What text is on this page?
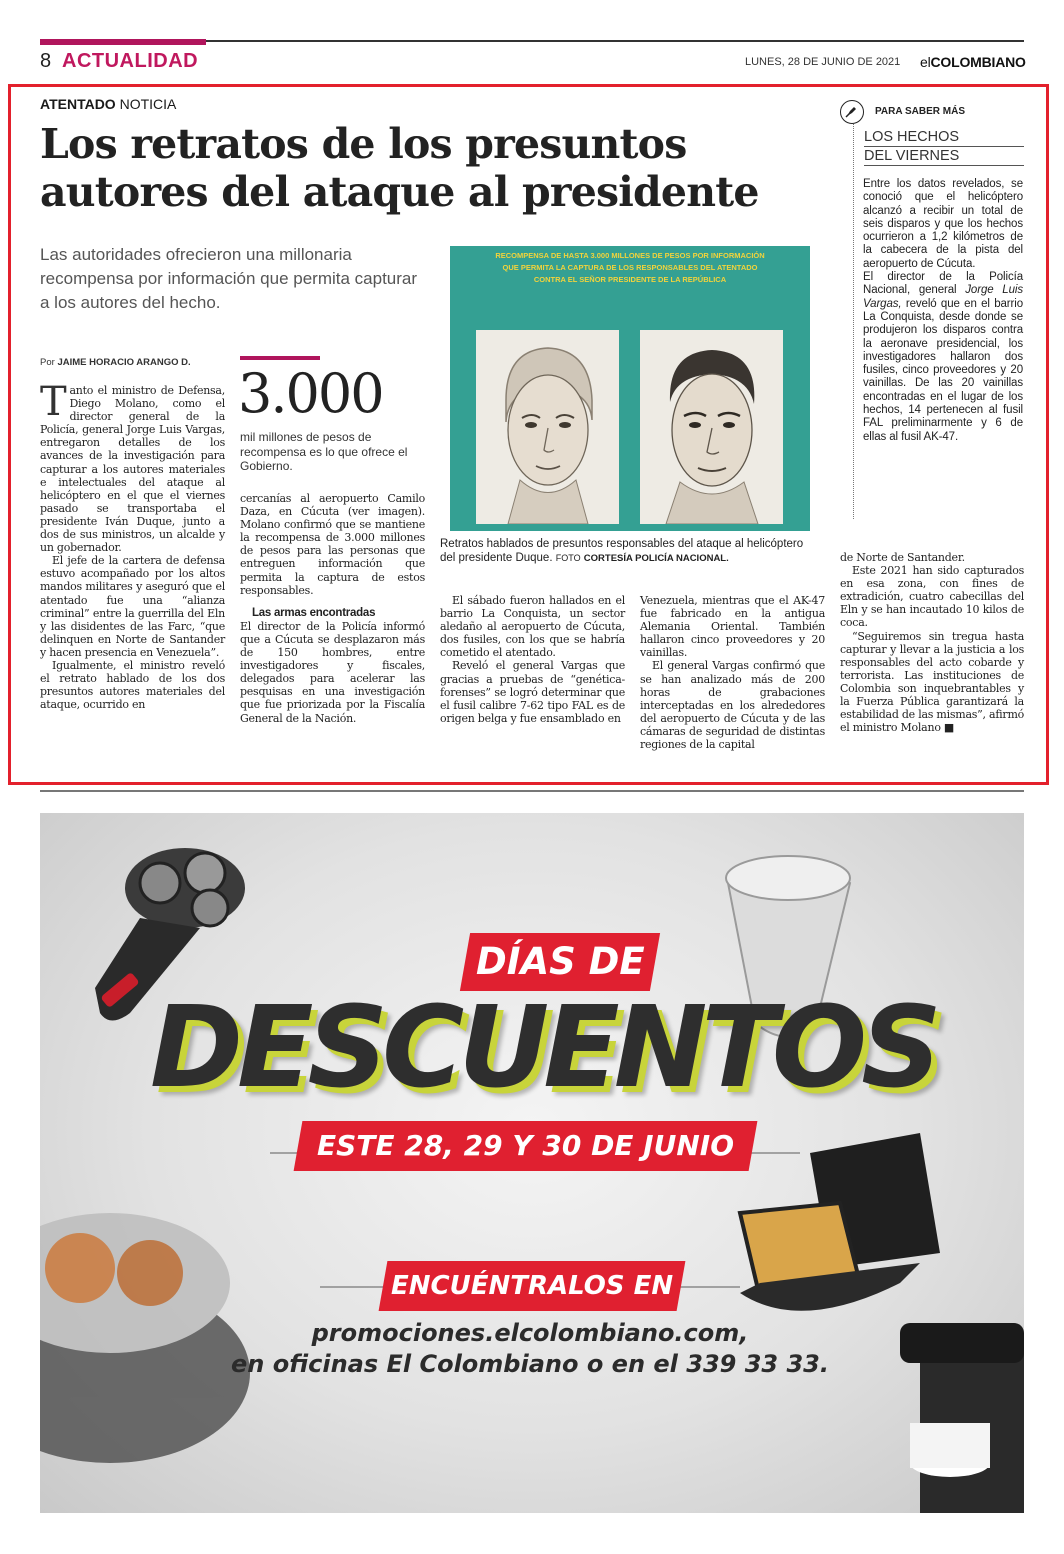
8 ACTUALIDAD	LUNES, 28 DE JUNIO DE 2021 elCOLOMBIANO
ATENTADO NOTICIA
Los retratos de los presuntos autores del ataque al presidente
Las autoridades ofrecieron una millonaria recompensa por información que permita capturar a los autores del hecho.
RECOMPENSA DE HASTA 3.000 MILLONES DE PESOS POR INFORMACIÓN QUE PERMITA LA CAPTURA DE LOS RESPONSABLES DEL ATENTADO CONTRA EL SEÑOR PRESIDENTE DE LA REPÚBLICA
Retratos hablados de presuntos responsables del ataque al helicóptero del presidente Duque. FOTO CORTESÍA POLICÍA NACIONAL.
Por JAIME HORACIO ARANGO D.

Tanto el ministro de Defensa, Diego Molano, como el director general de la Policía, general Jorge Luis Vargas, entregaron detalles de los avances de la investigación para capturar a los autores materiales e intelectuales del ataque al helicóptero en el que el viernes pasado se transportaba el presidente Iván Duque, junto a dos de sus ministros, un alcalde y un gobernador.

El jefe de la cartera de defensa estuvo acompañado por los altos mandos militares y aseguró que el atentado fue una “alianza criminal” entre la guerrilla del Eln y las disidentes de las Farc, “que delinquen en Norte de Santander y hacen presencia en Venezuela”.

Igualmente, el ministro reveló el retrato hablado de los dos presuntos autores materiales del ataque, ocurrido en

3.000
mil millones de pesos de recompensa es lo que ofrece el Gobierno.

cercanías al aeropuerto Camilo Daza, en Cúcuta (ver imagen). Molano confirmó que se mantiene la recompensa de 3.000 millones de pesos para las personas que entreguen información que permita la captura de estos responsables.

Las armas encontradas

El director de la Policía informó que a Cúcuta se desplazaron más de 150 hombres, entre investigadores y fiscales, delegados para acelerar las pesquisas en una investigación que fue priorizada por la Fiscalía General de la Nación.

El sábado fueron hallados en el barrio La Conquista, un sector aledaño al aeropuerto de Cúcuta, dos fusiles, con los que se habría cometido el atentado.

Reveló el general Vargas que gracias a pruebas de “genética-forenses” se logró determinar que el fusil calibre 7-62 tipo FAL es de origen belga y fue ensamblado en

Venezuela, mientras que el AK-47 fue fabricado en la antigua Alemania Oriental. También hallaron cinco proveedores y 20 vainillas.

El general Vargas confirmó que se han analizado más de 200 horas de grabaciones interceptadas en los alrededores del aeropuerto de Cúcuta y de las cámaras de seguridad de distintas regiones de la capital

de Norte de Santander.

Este 2021 han sido capturados en esa zona, con fines de extradición, cuatro cabecillas del Eln y se han incautado 10 kilos de coca.

“Seguiremos sin tregua hasta capturar y llevar a la justicia a los responsables del acto cobarde y terrorista. Las instituciones de Colombia son inquebrantables y la Fuerza Pública garantizará la estabilidad de las mismas”, afirmó el ministro Molano ■

PARA SABER MÁS
LOS HECHOS
DEL VIERNES

Entre los datos revelados, se conoció que el helicóptero alcanzó a recibir un total de seis disparos y que los hechos ocurrieron a 1,2 kilómetros de la cabecera de la pista del aeropuerto de Cúcuta.

El director de la Policía Nacional, general Jorge Luis Vargas, reveló que en el barrio La Conquista, desde donde se produjeron los disparos contra la aeronave presidencial, los investigadores hallaron dos fusiles, cinco proveedores y 20 vainillas. De las 20 vainillas encontradas en el lugar de los hechos, 14 pertenecen al fusil FAL preliminarmente y 6 de ellas al fusil AK-47.

DÍAS DE
DESCUENTOS
ESTE 28, 29 Y 30 DE JUNIO
ENCUÉNTRALOS EN
promociones.elcolombiano.com,
en oficinas El Colombiano o en el 339 33 33.
